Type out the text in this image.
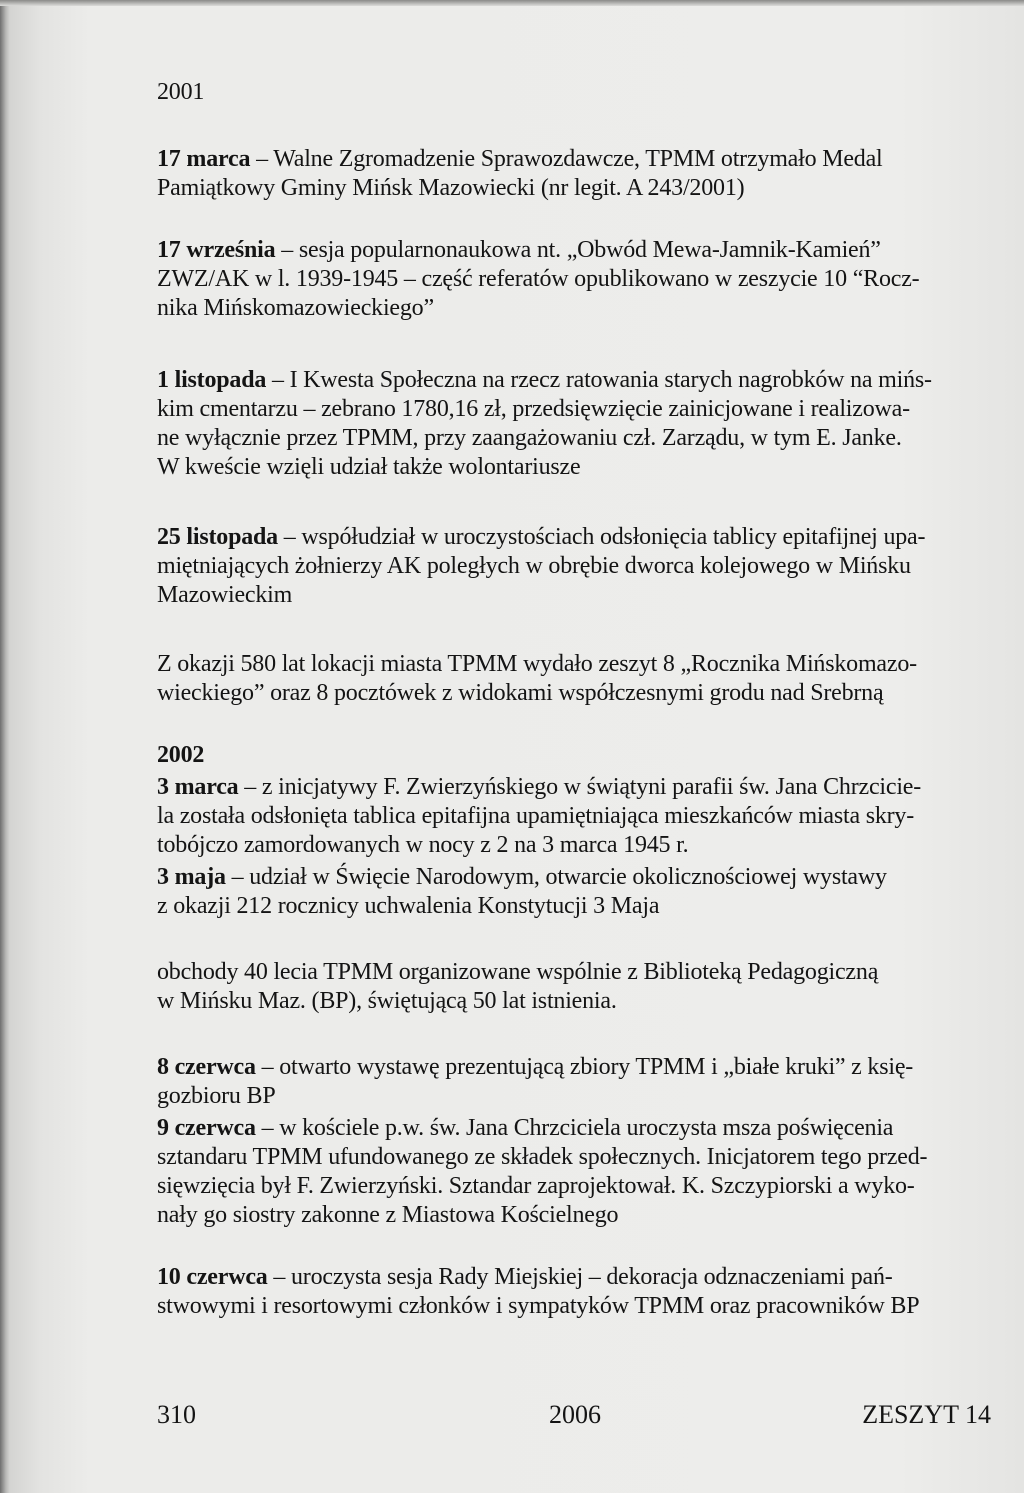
2001
17 marca – Walne Zgromadzenie Sprawozdawcze, TPMM otrzymało Medal
Pamiątkowy Gminy Mińsk Mazowiecki (nr legit. A 243/2001)
17 września – sesja popularnonaukowa nt. „Obwód Mewa-Jamnik-Kamień”
ZWZ/AK w l. 1939-1945 – część referatów opublikowano w zeszycie 10 “Rocz-
nika Mińskomazowieckiego”
1 listopada – I Kwesta Społeczna na rzecz ratowania starych nagrobków na mińs-
kim cmentarzu – zebrano 1780,16 zł, przedsięwzięcie zainicjowane i realizowa-
ne wyłącznie przez TPMM, przy zaangażowaniu czł. Zarządu, w tym E. Janke.
W kweście wzięli udział także wolontariusze
25 listopada – współudział w uroczystościach odsłonięcia tablicy epitafijnej upa-
miętniających żołnierzy AK poległych w obrębie dworca kolejowego w Mińsku
Mazowieckim
Z okazji 580 lat lokacji miasta TPMM wydało zeszyt 8 „Rocznika Mińskomazo-
wieckiego” oraz 8 pocztówek z widokami współczesnymi grodu nad Srebrną
2002
3 marca – z inicjatywy F. Zwierzyńskiego w świątyni parafii św. Jana Chrzcicie-
la została odsłonięta tablica epitafijna upamiętniająca mieszkańców miasta skry-
tobójczo zamordowanych w nocy z 2 na 3 marca 1945 r.
3 maja – udział w Święcie Narodowym, otwarcie okolicznościowej wystawy
z okazji 212 rocznicy uchwalenia Konstytucji 3 Maja
obchody 40 lecia TPMM organizowane wspólnie z Biblioteką Pedagogiczną
w Mińsku Maz. (BP), świętującą 50 lat istnienia.
8 czerwca – otwarto wystawę prezentującą zbiory TPMM i „białe kruki” z księ-
gozbioru BP
9 czerwca – w kościele p.w. św. Jana Chrzciciela uroczysta msza poświęcenia
sztandaru TPMM ufundowanego ze składek społecznych. Inicjatorem tego przed-
sięwzięcia był F. Zwierzyński. Sztandar zaprojektował. K. Szczypiorski a wyko-
nały go siostry zakonne z Miastowa Kościelnego
10 czerwca – uroczysta sesja Rady Miejskiej – dekoracja odznaczeniami pań-
stwowymi i resortowymi członków i sympatyków TPMM oraz pracowników BP
310	2006	ZESZYT 14
